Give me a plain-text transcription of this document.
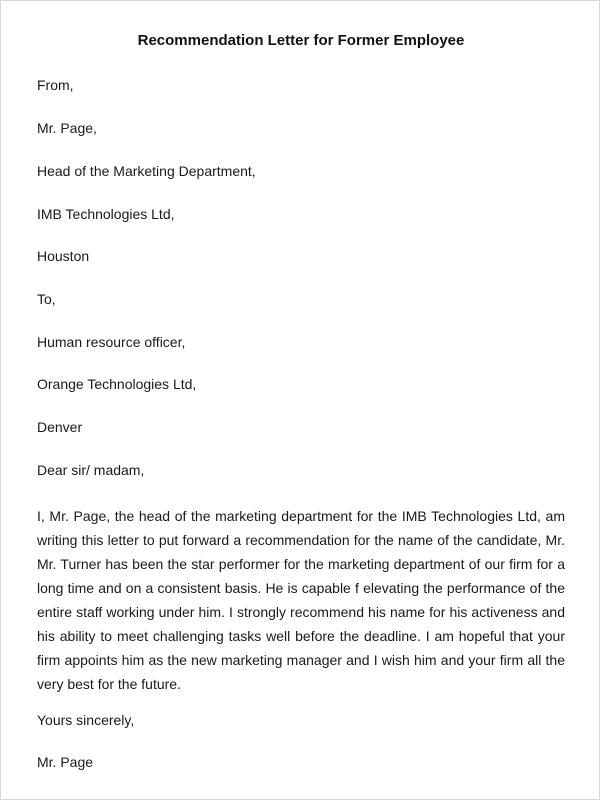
Recommendation Letter for Former Employee
From,
Mr. Page,
Head of the Marketing Department,
IMB Technologies Ltd,
Houston
To,
Human resource officer,
Orange Technologies Ltd,
Denver
Dear sir/ madam,
I, Mr. Page, the head of the marketing department for the IMB Technologies Ltd, am writing this letter to put forward a recommendation for the name of the candidate, Mr. Mr. Turner has been the star performer for the marketing department of our firm for a long time and on a consistent basis. He is capable f elevating the performance of the entire staff working under him. I strongly recommend his name for his activeness and his ability to meet challenging tasks well before the deadline. I am hopeful that your firm appoints him as the new marketing manager and I wish him and your firm all the very best for the future.
Yours sincerely,
Mr. Page
